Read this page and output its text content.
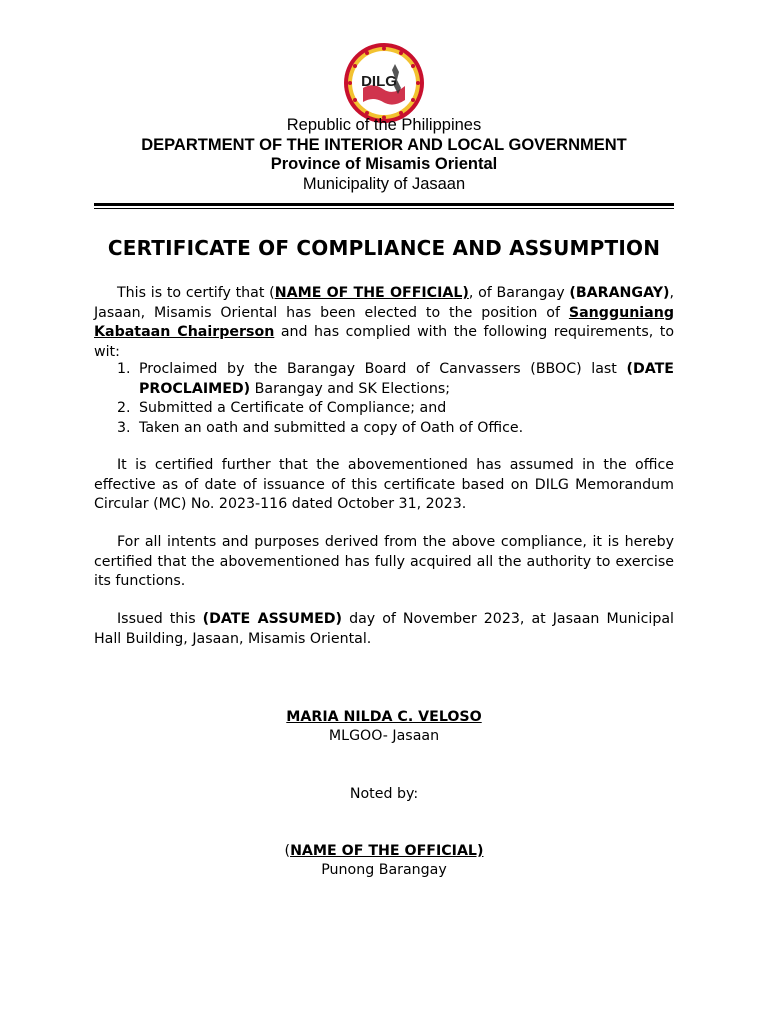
DILG
Republic of the Philippines
DEPARTMENT OF THE INTERIOR AND LOCAL GOVERNMENT
Province of Misamis Oriental
Municipality of Jasaan
CERTIFICATE OF COMPLIANCE AND ASSUMPTION
This is to certify that (NAME OF THE OFFICIAL), of Barangay (BARANGAY), Jasaan, Misamis Oriental has been elected to the position of Sangguniang Kabataan Chairperson and has complied with the following requirements, to wit:
1. Proclaimed by the Barangay Board of Canvassers (BBOC) last (DATE PROCLAIMED) Barangay and SK Elections;
2. Submitted a Certificate of Compliance; and
3. Taken an oath and submitted a copy of Oath of Office.
It is certified further that the abovementioned has assumed in the office effective as of date of issuance of this certificate based on DILG Memorandum Circular (MC) No. 2023-116 dated October 31, 2023.
For all intents and purposes derived from the above compliance, it is hereby certified that the abovementioned has fully acquired all the authority to exercise its functions.
Issued this (DATE ASSUMED) day of November 2023, at Jasaan Municipal Hall Building, Jasaan, Misamis Oriental.
MARIA NILDA C. VELOSO
MLGOO- Jasaan
Noted by:
(NAME OF THE OFFICIAL)
Punong Barangay
